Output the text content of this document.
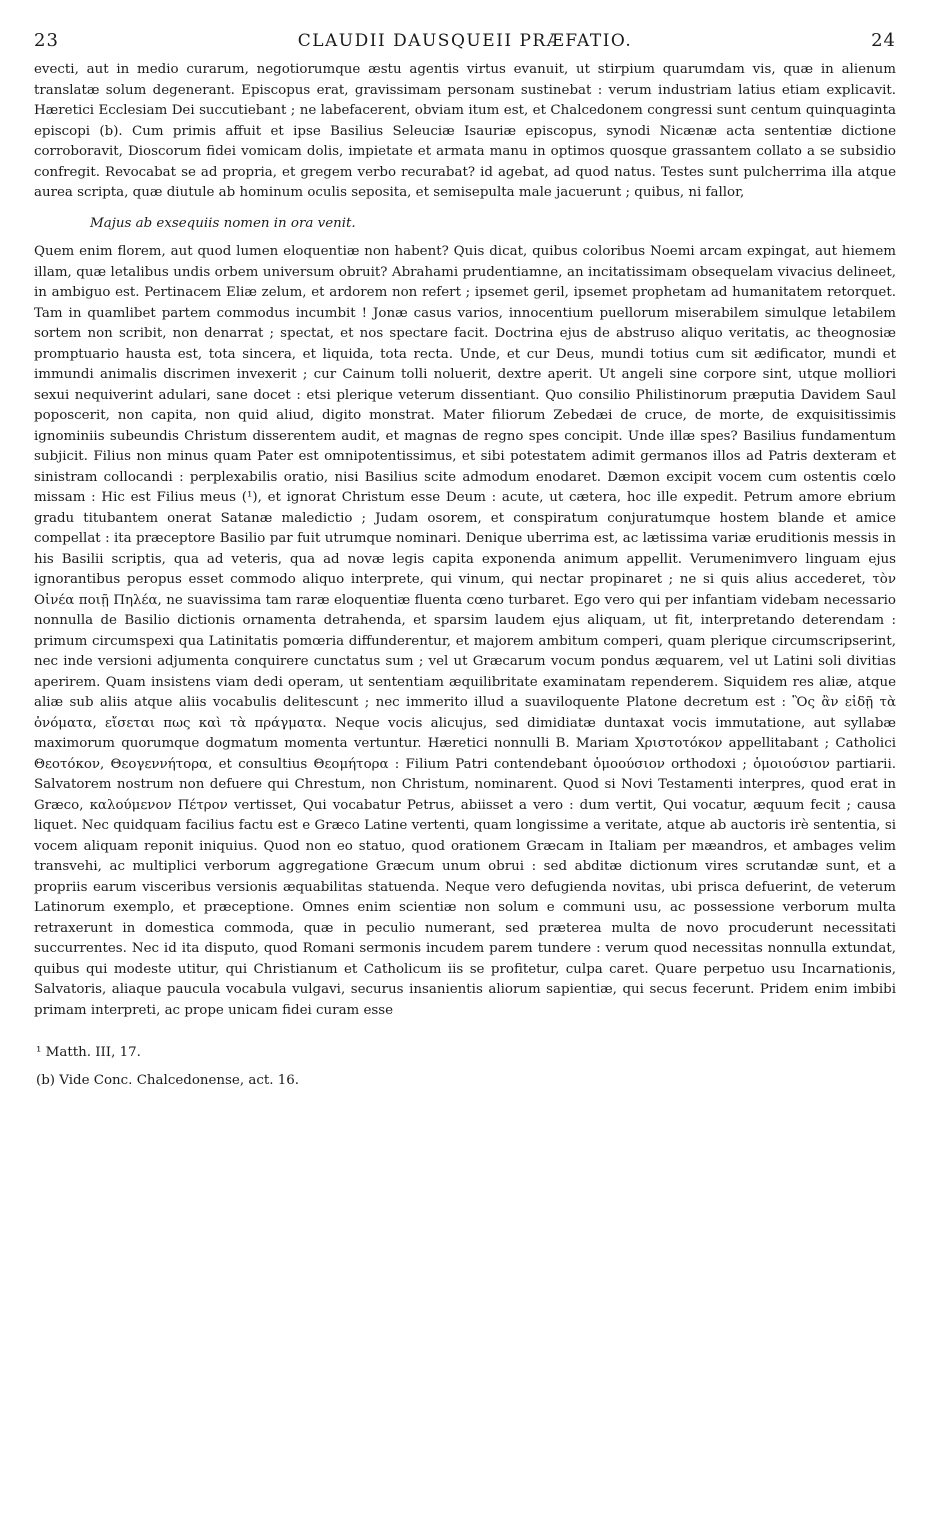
23	CLAUDII DAUSQUEII PRÆFATIO.	24

evecti, aut in medio curarum, negotiorumque æstu agentis virtus evanuit, ut stirpium quarumdam vis, quæ in alienum translatæ solum degenerant. Episcopus erat, gravissimam personam sustinebat : verum industriam latius etiam explicavit. Hæretici Ecclesiam Dei succutiebant ; ne labefacerent, obviam itum est, et Chalcedonem congressi sunt centum quinquaginta episcopi (b). Cum primis affuit et ipse Basilius Seleuciæ Isauriæ episcopus, synodi Nicænæ acta sententiæ dictione corroboravit, Dioscorum fidei vomicam dolis, impietate et armata manu in optimos quosque grassantem collato a se subsidio confregit. Revocabat se ad propria, et gregem verbo recurabat? id agebat, ad quod natus. Testes sunt pulcherrima illa atque aurea scripta, quæ diutule ab hominum oculis seposita, et semisepulta male jacuerunt ; quibus, ni fallor,

Majus ab exsequiis nomen in ora venit.

Quem enim florem, aut quod lumen eloquentiæ non habent? Quis dicat, quibus coloribus Noemi arcam expingat, aut hiemem illam, quæ letalibus undis orbem universum obruit? Abrahami prudentiamne, an incitatissimam obsequelam vivacius delineet, in ambiguo est. Pertinacem Eliæ zelum, et ardorem non refert ; ipsemet geril, ipsemet prophetam ad humanitatem retorquet. Tam in quamlibet partem commodus incumbit ! Jonæ casus varios, innocentium puellorum miserabilem simulque letabilem sortem non scribit, non denarrat ; spectat, et nos spectare facit. Doctrina ejus de abstruso aliquo veritatis, ac theognosiæ promptuario hausta est, tota sincera, et liquida, tota recta. Unde, et cur Deus, mundi totius cum sit ædificator, mundi et immundi animalis discrimen invexerit ; cur Cainum tolli noluerit, dextre aperit. Ut angeli sine corpore sint, utque molliori sexui nequiverint adulari, sane docet : etsi plerique veterum dissentiant. Quo consilio Philistinorum præputia Davidem Saul poposcerit, non capita, non quid aliud, digito monstrat. Mater filiorum Zebedæi de cruce, de morte, de exquisitissimis ignominiis subeundis Christum disserentem audit, et magnas de regno spes concipit. Unde illæ spes? Basilius fundamentum subjicit. Filius non minus quam Pater est omnipotentissimus, et sibi potestatem adimit germanos illos ad Patris dexteram et sinistram collocandi : perplexabilis oratio, nisi Basilius scite admodum enodaret. Dæmon excipit vocem cum ostentis cœlo missam : Hic est Filius meus (¹), et ignorat Christum esse Deum : acute, ut cætera, hoc ille expedit. Petrum amore ebrium gradu titubantem onerat Satanæ maledictio ; Judam osorem, et conspiratum conjuratumque hostem blande et amice compellat : ita præceptore Basilio par fuit utrumque nominari. Denique uberrima est, ac lætissima variæ eruditionis messis in his Basilii scriptis, qua ad veteris, qua ad novæ legis capita exponenda animum appellit. Verumenimvero linguam ejus ignorantibus peropus esset commodo aliquo interprete, qui vinum, qui nectar propinaret ; ne si quis alius accederet, τὸν Οἰνέα ποιῇ Πηλέα, ne suavissima tam raræ eloquentiæ fluenta cœno turbaret. Ego vero qui per infantiam videbam necessario nonnulla de Basilio dictionis ornamenta detrahenda, et sparsim laudem ejus aliquam, ut fit, interpretando deterendam : primum circumspexi qua Latinitatis pomœria diffunderentur, et majorem ambitum comperi, quam plerique circumscripserint, nec inde versioni adjumenta conquirere cunctatus sum ; vel ut Græcarum vocum pondus æquarem, vel ut Latini soli divitias aperirem. Quam insistens viam dedi operam, ut sententiam æquilibritate examinatam rependerem. Siquidem res aliæ, atque aliæ sub aliis atque aliis vocabulis delitescunt ; nec immerito illud a suaviloquente Platone decretum est : Ὃς ἂν εἰδῇ τὰ ὀνόματα, εἴσεται πως καὶ τὰ πράγματα. Neque vocis alicujus, sed dimidiatæ duntaxat vocis immutatione, aut syllabæ maximorum quorumque dogmatum momenta vertuntur. Hæretici nonnulli B. Mariam Χριστοτόκον appellitabant ; Catholici Θεοτόκον, Θεογεννήτορα, et consultius Θεομήτορα : Filium Patri contendebant ὁμοούσιον orthodoxi ; ὁμοιούσιον partiarii. Salvatorem nostrum non defuere qui Chrestum, non Christum, nominarent. Quod si Novi Testamenti interpres, quod erat in Græco, καλούμενον Πέτρον vertisset, Qui vocabatur Petrus, abiisset a vero : dum vertit, Qui vocatur, æquum fecit ; causa liquet. Nec quidquam facilius factu est e Græco Latine vertenti, quam longissime a veritate, atque ab auctoris irè sententia, si vocem aliquam reponit iniquius. Quod non eo statuo, quod orationem Græcam in Italiam per mæandros, et ambages velim transvehi, ac multiplici verborum aggregatione Græcum unum obrui : sed abditæ dictionum vires scrutandæ sunt, et a propriis earum visceribus versionis æquabilitas statuenda. Neque vero defugienda novitas, ubi prisca defuerint, de veterum Latinorum exemplo, et præceptione. Omnes enim scientiæ non solum e communi usu, ac possessione verborum multa retraxerunt in domestica commoda, quæ in peculio numerant, sed præterea multa de novo procuderunt necessitati succurrentes. Nec id ita disputo, quod Romani sermonis incudem parem tundere : verum quod necessitas nonnulla extundat, quibus qui modeste utitur, qui Christianum et Catholicum iis se profitetur, culpa caret. Quare perpetuo usu Incarnationis, Salvatoris, aliaque paucula vocabula vulgavi, securus insanientis aliorum sapientiæ, qui secus fecerunt. Pridem enim imbibi primam interpreti, ac prope unicam fidei curam esse

¹ Matth. III, 17.
(b) Vide Conc. Chalcedonense, act. 16.
